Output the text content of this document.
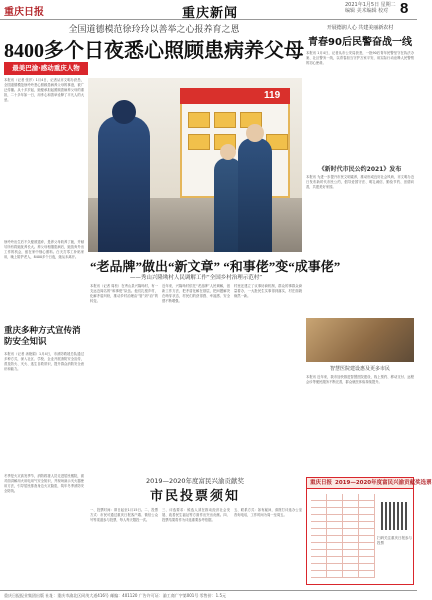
重庆日报	重庆新闻
2021年1月5日 星期二 编辑 美术编辑 校对 8
全国道德模范徐玲玲以善举之心报养育之恩
8400多个日夜悉心照顾患病养父母
最美巴渝·感动重庆人物
本报讯（记者 张莎）1月4日，记者从市文明办获悉，全国道德模范徐玲玲悉心照顾患病养父母的事迹，被广泛传播。从十多岁起，她便承担起照顾患病养父母的重担，二十多年如一日，用孝心和善举诠释了平凡人的大爱。
徐玲玲出生后不久便被遗弃，是养父母收养了她，并倾尽所有将她抚养长大。养父母相继患病后，她放弃外出工作的机会，留在家中细心照料。白天打零工补贴家用，晚上陪护老人，8400多个日夜，她从未离开。
重庆多种方式宣传消防安全知识
本报讯（记者 汤艳娟）1月4日，市消防救援总队通过多种方式，深入社区、学校、企业开展消防安全宣传，普及防火、灭火、逃生自救常识，提升群众消防安全意识和能力。
冬季是火灾高发季节，消防救援人员走进居民楼院，面对面讲解用火用电用气安全知识，并现场演示灭火器使用方法，引导居民排查身边火灾隐患，筑牢冬季消防安全防线。
119
“老品牌”做出“新文章” “和事佬”变“成事佬”
——秀山兴隆坳村人民调解工作“全国乡村治理示范村”
本报讯（记者 周松）在秀山县兴隆坳村，有一支远近闻名的“和事佬”队伍。他们扎根乡村，化解矛盾纠纷，推动乡村治理由“管”到“治”的转变。
近年来，兴隆坳村依托“老品牌”人民调解，创新工作方法，把矛盾化解在基层，把问题解决在萌芽状态，村民们的获得感、幸福感、安全感不断增强。
村里还建立了议事协商机制，群众的事群众商量着办，一大批民生实事得到落实，村庄面貌焕然一新。
开展德润人心 共建美丽新农村
青春90后民警奋战一线
本报讯 1月4日，记者从市公安局获悉，一批90后青年民警坚守在执法办案、社区警务一线，以青春担当守护万家平安，用实际行动诠释人民警察的初心使命。
《新时代市民公约2021》发布
本报讯 为进一步提升市民文明素养，推动形成良好社会风尚，市文明办近日发布新时代市民公约，倡导爱国守法、明礼诚信、勤俭节约、崇德向善，共建美好家园。
智慧医院建设惠及更多市民
本报讯 近年来，我市加快推进智慧医院建设，线上预约、移动支付、远程会诊等便民服务不断完善，群众就医体验持续提升。
2019—2020年度富民兴渝贡献奖
市民投票须知
一、投票时间：即日起至1月15日。二、投票方式：市民可通过重庆日报客户端、微信公众号等渠道参与投票，每人每天限投一次。
三、评选要求：候选人须在推动经济社会发展、改善民生福祉等方面作出突出贡献。四、投票结果将作为评选重要参考依据。
五、联系方式：如有疑问，请拨打评选办公室咨询电话，工作时间为周一至周五。
重庆日报 2019—2020年度富民兴渝贡献奖选票
扫码关注重庆日报参与投票
重庆日报报业集团出版 社址：重庆市渝北区同茂大道416号 邮编：401120 广告许可证：渝工商广字第001号 零售价：1.5元
